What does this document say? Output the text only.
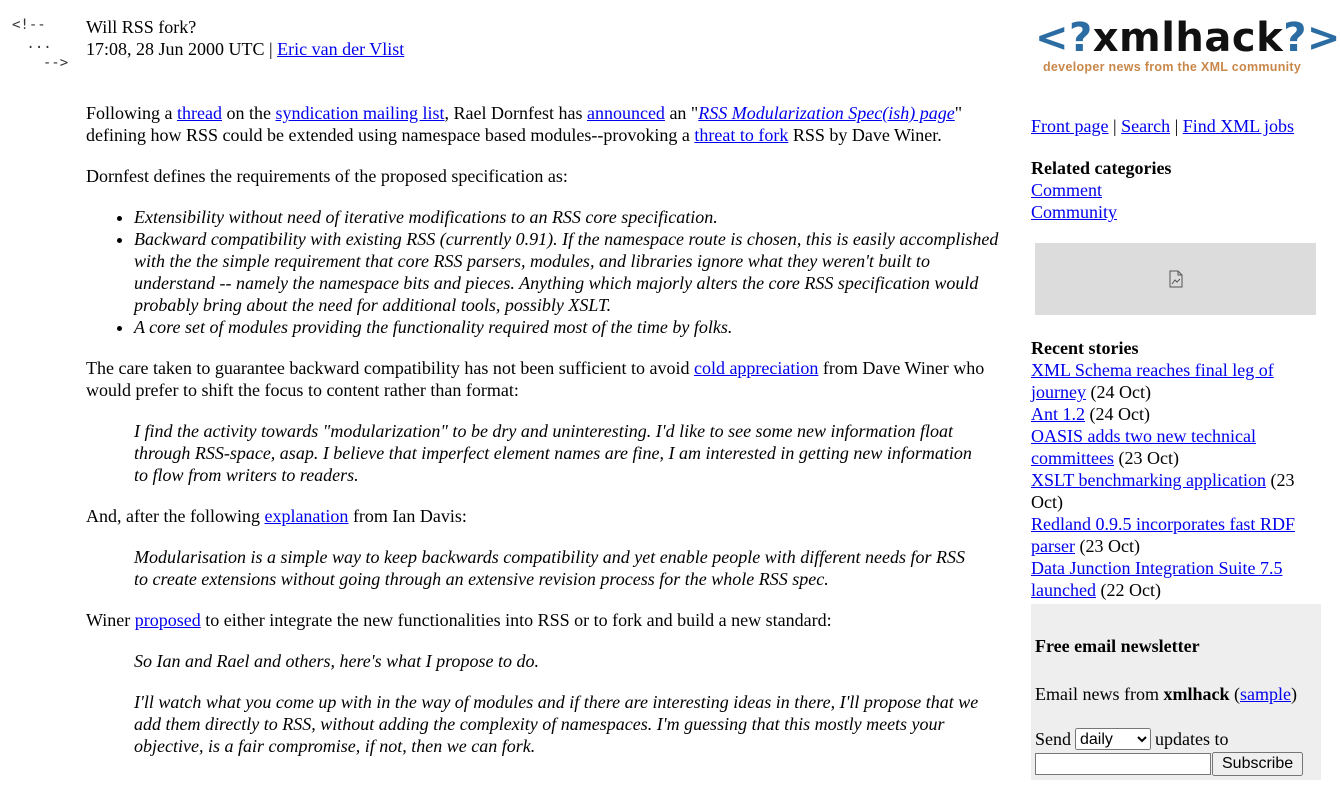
<!--
...
-->
Will RSS fork?
17:08, 28 Jun 2000 UTC | Eric van der Vlist

Following a thread on the syndication mailing list, Rael Dornfest has announced an "RSS Modularization Spec(ish) page" defining how RSS could be extended using namespace based modules--provoking a threat to fork RSS by Dave Winer.

Dornfest defines the requirements of the proposed specification as:

• Extensibility without need of iterative modifications to an RSS core specification.
• Backward compatibility with existing RSS (currently 0.91). If the namespace route is chosen, this is easily accomplished with the the simple requirement that core RSS parsers, modules, and libraries ignore what they weren't built to understand -- namely the namespace bits and pieces. Anything which majorly alters the core RSS specification would probably bring about the need for additional tools, possibly XSLT.
• A core set of modules providing the functionality required most of the time by folks.

The care taken to guarantee backward compatibility has not been sufficient to avoid cold appreciation from Dave Winer who would prefer to shift the focus to content rather than format:

I find the activity towards "modularization" to be dry and uninteresting. I'd like to see some new information float through RSS-space, asap. I believe that imperfect element names are fine, I am interested in getting new information to flow from writers to readers.

And, after the following explanation from Ian Davis:

Modularisation is a simple way to keep backwards compatibility and yet enable people with different needs for RSS to create extensions without going through an extensive revision process for the whole RSS spec.

Winer proposed to either integrate the new functionalities into RSS or to fork and build a new standard:

So Ian and Rael and others, here's what I propose to do.
I'll watch what you come up with in the way of modules and if there are interesting ideas in there, I'll propose that we add them directly to RSS, without adding the complexity of namespaces. I'm guessing that this mostly meets your objective, is a fair compromise, if not, then we can fork.
<?xmlhack?>
developer news from the XML community
Front page | Search | Find XML jobs
Related categories
Comment
Community
Recent stories
XML Schema reaches final leg of journey (24 Oct)
Ant 1.2 (24 Oct)
OASIS adds two new technical committees (23 Oct)
XSLT benchmarking application (23 Oct)
Redland 0.9.5 incorporates fast RDF parser (23 Oct)
Data Junction Integration Suite 7.5 launched (22 Oct)
Free email newsletter
Email news from xmlhack (sample)
Send
daily	updates to
Subscribe
